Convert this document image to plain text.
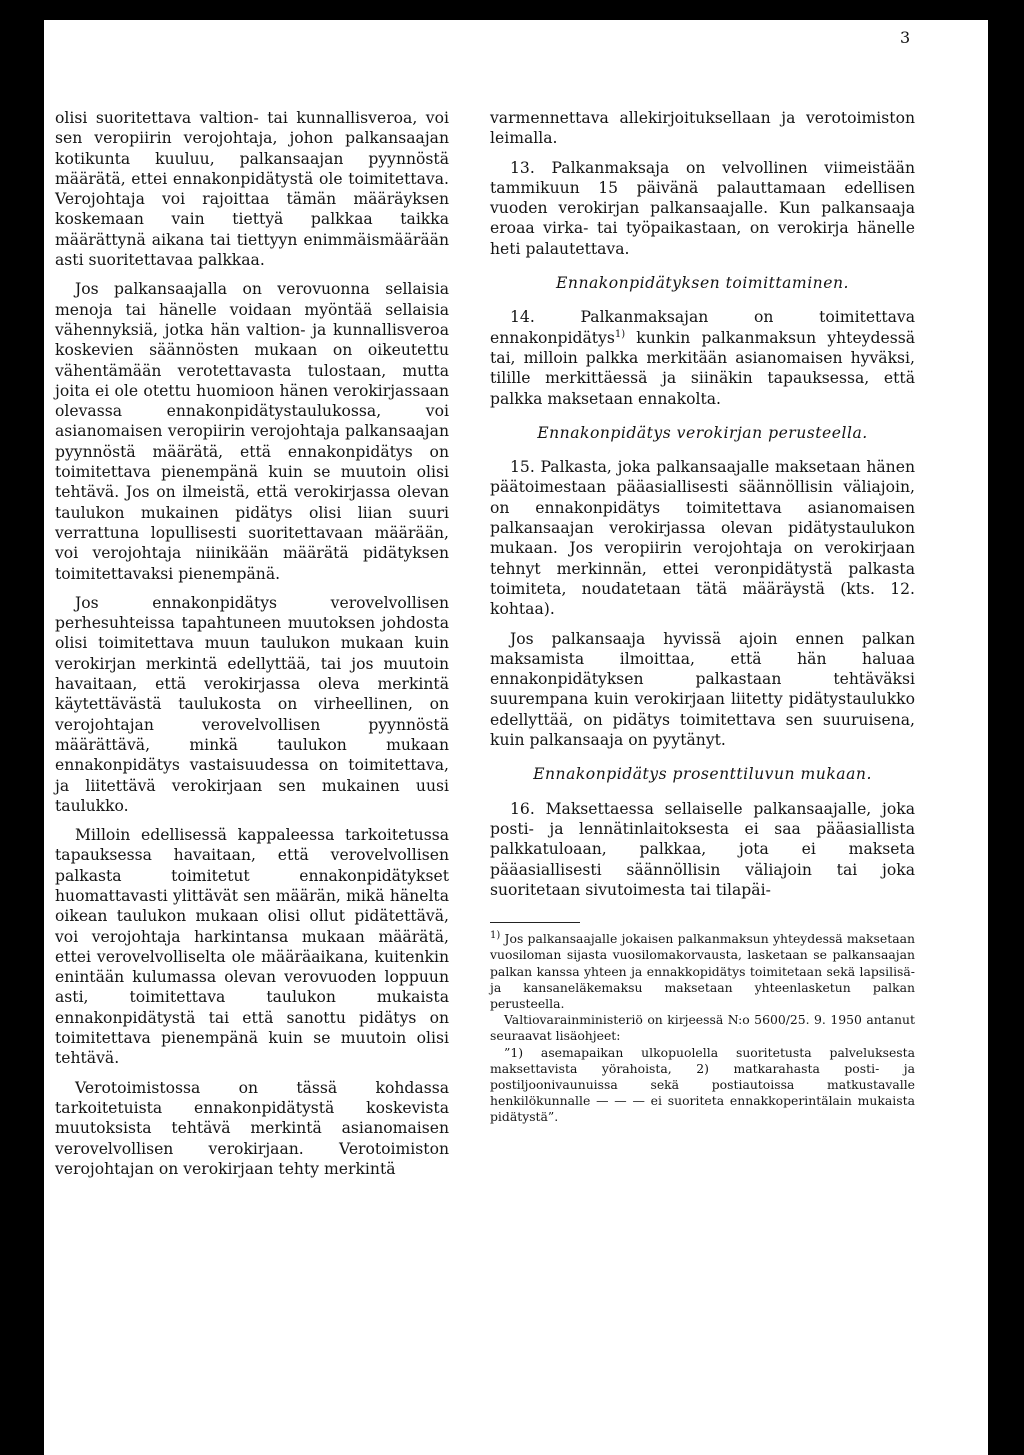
3

olisi suoritettava valtion- tai kunnallisveroa, voi sen veropiirin verojohtaja, johon palkansaajan kotikunta kuuluu, palkansaajan pyynnöstä määrätä, ettei ennakonpidätystä ole toimitettava. Verojohtaja voi rajoittaa tämän määräyksen koskemaan vain tiettyä palkkaa taikka määrättynä aikana tai tiettyyn enimmäismäärään asti suoritettavaa palkkaa.

Jos palkansaajalla on verovuonna sellaisia menoja tai hänelle voidaan myöntää sellaisia vähennyksiä, jotka hän valtion- ja kunnallisveroa koskevien säännösten mukaan on oikeutettu vähentämään verotettavasta tulostaan, mutta joita ei ole otettu huomioon hänen verokirjassaan olevassa ennakonpidätystaulukossa, voi asianomaisen veropiirin verojohtaja palkansaajan pyynnöstä määrätä, että ennakonpidätys on toimitettava pienempänä kuin se muutoin olisi tehtävä. Jos on ilmeistä, että verokirjassa olevan taulukon mukainen pidätys olisi liian suuri verrattuna lopullisesti suoritettavaan määrään, voi verojohtaja niinikään määrätä pidätyksen toimitettavaksi pienempänä.

Jos ennakonpidätys verovelvollisen perhesuhteissa tapahtuneen muutoksen johdosta olisi toimitettava muun taulukon mukaan kuin verokirjan merkintä edellyttää, tai jos muutoin havaitaan, että verokirjassa oleva merkintä käytettävästä taulukosta on virheellinen, on verojohtajan verovelvollisen pyynnöstä määrättävä, minkä taulukon mukaan ennakonpidätys vastaisuudessa on toimitettava, ja liitettävä verokirjaan sen mukainen uusi taulukko.

Milloin edellisessä kappaleessa tarkoitetussa tapauksessa havaitaan, että verovelvollisen palkasta toimitetut ennakonpidätykset huomattavasti ylittävät sen määrän, mikä hänelta oikean taulukon mukaan olisi ollut pidätettävä, voi verojohtaja harkintansa mukaan määrätä, ettei verovelvolliselta ole määräaikana, kuitenkin enintään kulumassa olevan verovuoden loppuun asti, toimitettava taulukon mukaista ennakonpidätystä tai että sanottu pidätys on toimitettava pienempänä kuin se muutoin olisi tehtävä.

Verotoimistossa on tässä kohdassa tarkoitetuista ennakonpidätystä koskevista muutoksista tehtävä merkintä asianomaisen verovelvollisen verokirjaan. Verotoimiston verojohtajan on verokirjaan tehty merkintä

varmennettava allekirjoituksellaan ja verotoimiston leimalla.

13. Palkanmaksaja on velvollinen viimeistään tammikuun 15 päivänä palauttamaan edellisen vuoden verokirjan palkansaajalle. Kun palkansaaja eroaa virka- tai työpaikastaan, on verokirja hänelle heti palautettava.

Ennakonpidätyksen toimittaminen.

14. Palkanmaksajan on toimitettava ennakonpidätys$^{1)}$ kunkin palkanmaksun yhteydessä tai, milloin palkka merkitään asianomaisen hyväksi, tilille merkittäessä ja siinäkin tapauksessa, että palkka maksetaan ennakolta.

Ennakonpidätys verokirjan perusteella.

15. Palkasta, joka palkansaajalle maksetaan hänen päätoimestaan pääasiallisesti säännöllisin väliajoin, on ennakonpidätys toimitettava asianomaisen palkansaajan verokirjassa olevan pidätystaulukon mukaan. Jos veropiirin verojohtaja on verokirjaan tehnyt merkinnän, ettei veronpidätystä palkasta toimiteta, noudatetaan tätä määräystä (kts. 12. kohtaa).

Jos palkansaaja hyvissä ajoin ennen palkan maksamista ilmoittaa, että hän haluaa ennakonpidätyksen palkastaan tehtäväksi suurempana kuin verokirjaan liitetty pidätystaulukko edellyttää, on pidätys toimitettava sen suuruisena, kuin palkansaaja on pyytänyt.

Ennakonpidätys prosenttiluvun mukaan.

16. Maksettaessa sellaiselle palkansaajalle, joka posti- ja lennätinlaitoksesta ei saa pääasiallista palkkatuloaan, palkkaa, jota ei makseta pääasiallisesti säännöllisin väliajoin tai joka suoritetaan sivutoimesta tai tilapäi-

$^{1)}$ Jos palkansaajalle jokaisen palkanmaksun yhteydessä maksetaan vuosiloman sijasta vuosilomakorvausta, lasketaan se palkansaajan palkan kanssa yhteen ja ennakkopidätys toimitetaan sekä lapsilisä- ja kansaneläkemaksu maksetaan yhteenlasketun palkan perusteella.

Valtiovarainministeriö on kirjeessä N:o 5600/25. 9. 1950 antanut seuraavat lisäohjeet:

”1) asemapaikan ulkopuolella suoritetusta palveluksesta maksettavista yörahoista, 2) matkarahasta posti- ja postiljoonivaunuissa sekä postiautoissa matkustavalle henkilökunnalle — — — ei suoriteta ennakkoperintälain mukaista pidätystä”.
